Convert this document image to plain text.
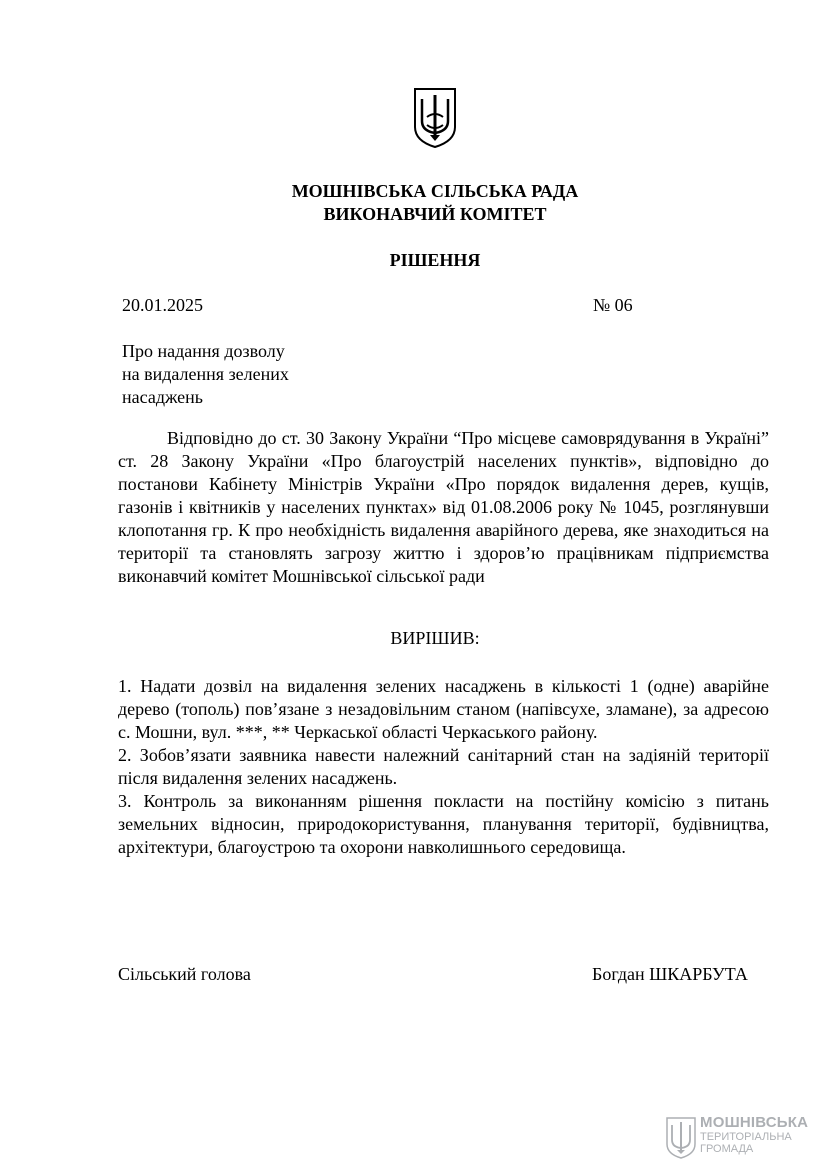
МОШНІВСЬКА СІЛЬСЬКА РАДА
ВИКОНАВЧИЙ КОМІТЕТ
РІШЕННЯ
20.01.2025	№ 06
Про надання дозволу
на видалення зелених
насаджень

Відповідно до ст. 30 Закону України “Про місцеве самоврядування в Україні” ст. 28 Закону України «Про благоустрій населених пунктів», відповідно до постанови Кабінету Міністрів України «Про порядок видалення дерев, кущів, газонів і квітників у населених пунктах» від 01.08.2006 року № 1045, розглянувши клопотання гр. К про необхідність видалення аварійного дерева, яке знаходиться на території та становлять загрозу життю і здоров’ю працівникам підприємства виконавчий комітет Мошнівської сільської ради

ВИРІШИВ:
1. Надати дозвіл на видалення зелених насаджень в кількості 1 (одне) аварійне дерево (тополь) пов’язане з незадовільним станом (напівсухе, зламане), за адресою с. Мошни, вул. ***, ** Черкаської області Черкаського району.
2. Зобов’язати заявника навести належний санітарний стан на задіяній території після видалення зелених насаджень.
3. Контроль за виконанням рішення покласти на постійну комісію з питань земельних відносин, природокористування, планування території, будівництва, архітектури, благоустрою та охорони навколишнього середовища.
Сільський голова	Богдан ШКАРБУТА
МОШНІВСЬКА
ТЕРИТОРІАЛЬНА
ГРОМАДА
